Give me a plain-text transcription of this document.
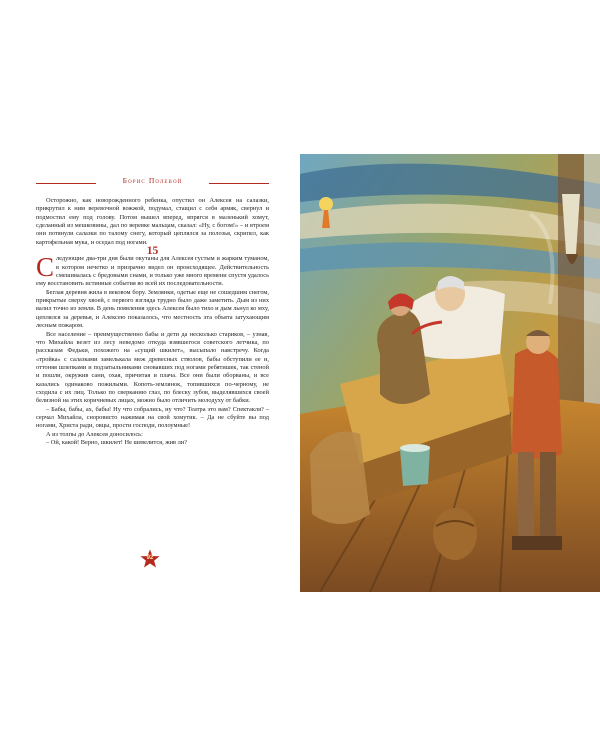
Борис Полевой

Осторожно, как новорожденного ребенка, опустил он Алексея на салазки, прикрутил к ним веревочной вожжой, подумал, стащил с себя армяк, свернул и подмостил ему под голову. Потом вышел вперед, впрягся в маленький хомут, сделанный из мешковины, дал по веревке мальцам, сказал: «Ну, с богом!» – и втроем они потянули салазки по талому снегу, который цеплялся за полозья, скрипел, как картофельная мука, и оседал под ногами.

15

Следующие два-три дня были окутаны для Алексея густым и жарким туманом, в котором нечетко и призрачно видел он происходящее. Действительность смешивалась с бредовыми снами, и только уже много времени спустя удалось ему восстановить истинные события во всей их последовательности.

Беглая деревня жила в вековом бору. Землянки, одетые еще не сошедшим снегом, прикрытые сверху хвоей, с первого взгляда трудно было даже заметить. Дым из них валил точно из земли. В день появления здесь Алексея было тихо и дым льнул ко мху, цеплялся за деревья, и Алексею показалось, что местность эта объята затухающим лесным пожаром.

Все население – преимущественно бабы и дети да несколько стариков, – узнав, что Михайла везет из лесу неведомо откуда взявшегося советского летчика, по рассказам Федьки, похожего на «сущий шкилет», высыпало навстречу. Когда «тройка» с салазками замелькала меж древесных стволов, бабы обступили ее и, оттоняя шлепками и подзатыльниками сновавших под ногами ребятишек, так стеной и пошли, окружив сани, охая, причитая и плача. Все они были оборваны, и все казались одинаково пожилыми. Копоть-землянок, топившихся по-черному, не сходила с их лиц. Только по сверканию глаз, по блеску зубов, выделявшихся своей белизной на этих коричневых лицах, можно было отличить молодуху от бабки.

– Бабы, бабы, ах, бабы! Ну что собрались, ну что? Театра это вам? Спектакля? – серчал Михайла, сноровисто нажимая на свой хомутик. – Да не сбуйте вы под ногами, Христа ради, овцы, прости господи, полоумные!

А из толпы до Алексея доносилось:

– Ой, какой! Верно, шкилет! Не шевелится, жив ли?

92
